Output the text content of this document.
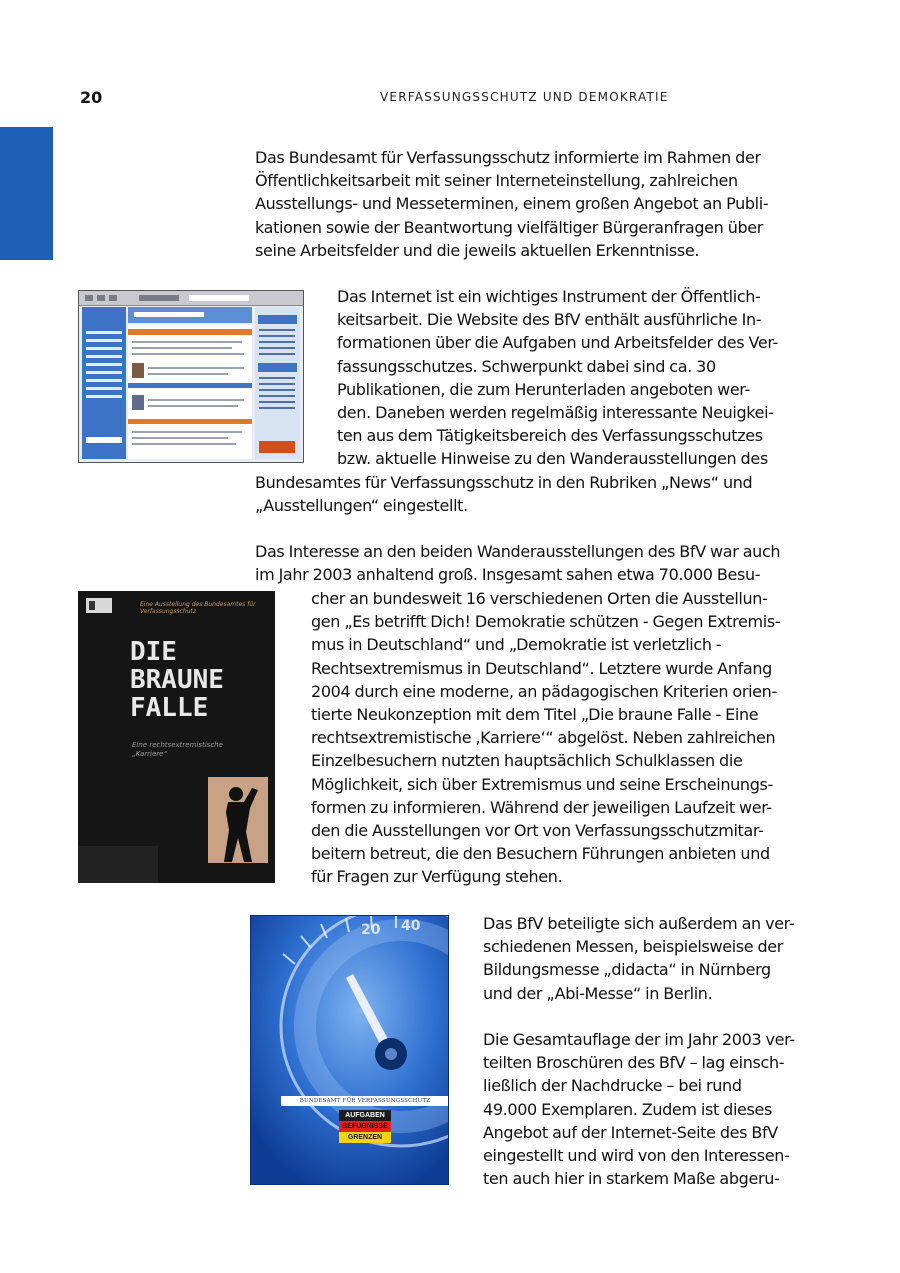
20	VERFASSUNGSSCHUTZ UND DEMOKRATIE

Das Bundesamt für Verfassungsschutz informierte im Rahmen der
Öffentlichkeitsarbeit mit seiner Interneteinstellung, zahlreichen
Ausstellungs- und Messeterminen, einem großen Angebot an Publi-
kationen sowie der Beantwortung vielfältiger Bürgeranfragen über
seine Arbeitsfelder und die jeweils aktuellen Erkenntnisse.

Das Internet ist ein wichtiges Instrument der Öffentlich-
keitsarbeit. Die Website des BfV enthält ausführliche In-
formationen über die Aufgaben und Arbeitsfelder des Ver-
fassungsschutzes. Schwerpunkt dabei sind ca. 30
Publikationen, die zum Herunterladen angeboten wer-
den. Daneben werden regelmäßig interessante Neuigkei-
ten aus dem Tätigkeitsbereich des Verfassungsschutzes
bzw. aktuelle Hinweise zu den Wanderausstellungen des

Bundesamtes für Verfassungsschutz in den Rubriken „News“ und
„Ausstellungen“ eingestellt.

Das Interesse an den beiden Wanderausstellungen des BfV war auch
im Jahr 2003 anhaltend groß. Insgesamt sahen etwa 70.000 Besu-

Eine Ausstellung des Bundesamtes für Verfassungsschutz
DIE
BRAUNE
FALLE
Eine rechtsextremistische
„Karriere“

cher an bundesweit 16 verschiedenen Orten die Ausstellun-
gen „Es betrifft Dich! Demokratie schützen - Gegen Extremis-
mus in Deutschland“ und „Demokratie ist verletzlich -
Rechtsextremismus in Deutschland“. Letztere wurde Anfang
2004 durch eine moderne, an pädagogischen Kriterien orien-
tierte Neukonzeption mit dem Titel „Die braune Falle - Eine
rechtsextremistische ‚Karriere‘“ abgelöst. Neben zahlreichen
Einzelbesuchern nutzten hauptsächlich Schulklassen die
Möglichkeit, sich über Extremismus und seine Erscheinungs-
formen zu informieren. Während der jeweiligen Laufzeit wer-
den die Ausstellungen vor Ort von Verfassungsschutzmitar-
beitern betreut, die den Besuchern Führungen anbieten und
für Fragen zur Verfügung stehen.

20 40
BUNDESAMT FÜR VERFASSUNGSSCHUTZ
AUFGABEN
BEFUGNISSE
GRENZEN

Das BfV beteiligte sich außerdem an ver-
schiedenen Messen, beispielsweise der
Bildungsmesse „didacta“ in Nürnberg
und der „Abi-Messe“ in Berlin.

Die Gesamtauflage der im Jahr 2003 ver-
teilten Broschüren des BfV – lag einsch-
ließlich der Nachdrucke – bei rund
49.000 Exemplaren. Zudem ist dieses
Angebot auf der Internet-Seite des BfV
eingestellt und wird von den Interessen-
ten auch hier in starkem Maße abgeru-
